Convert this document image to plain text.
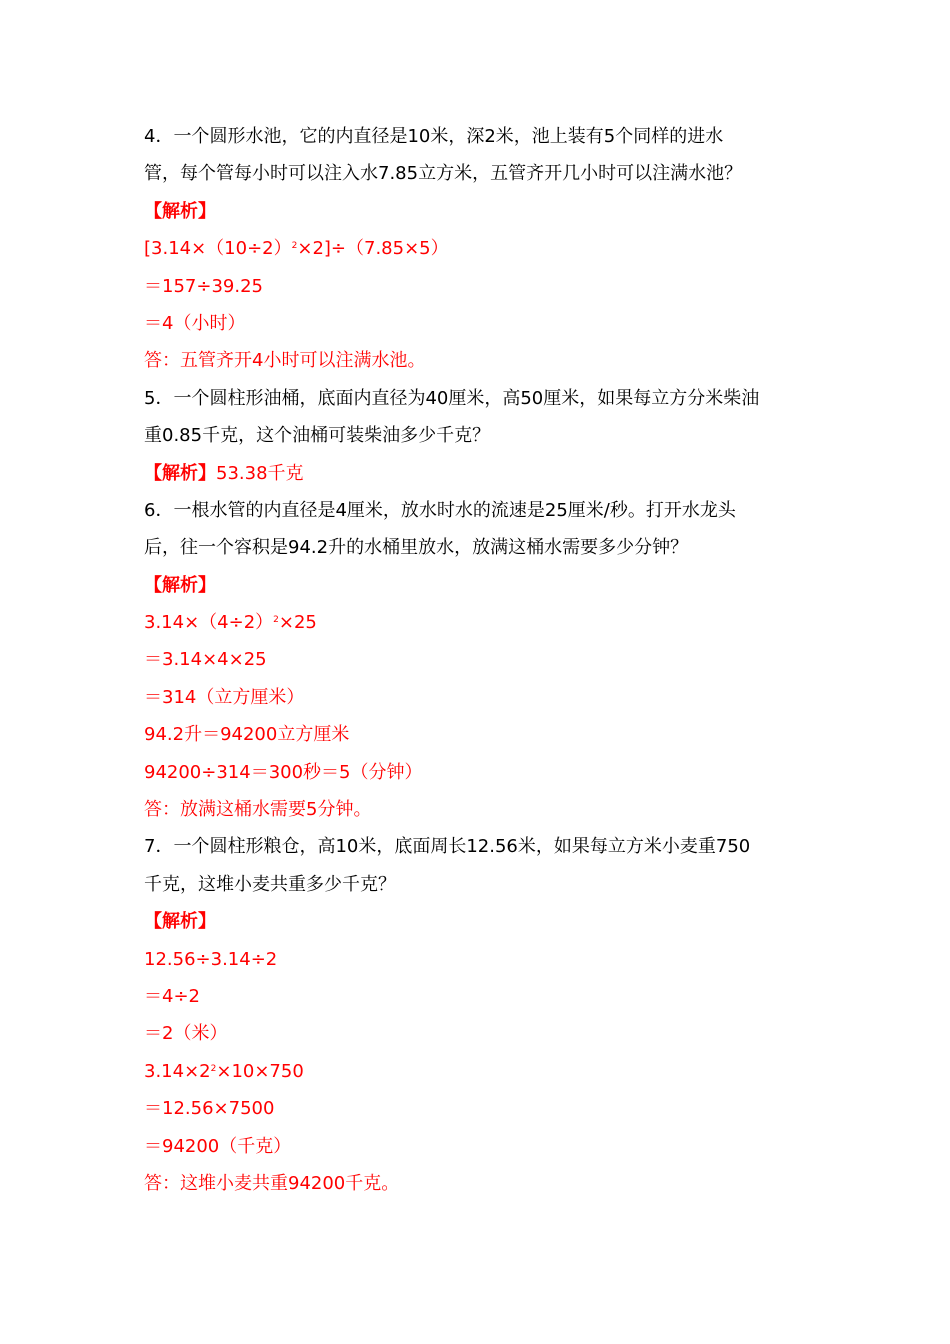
4．一个圆形水池，它的内直径是10米，深2米，池上装有5个同样的进水
管，每个管每小时可以注入水7.85立方米，五管齐开几小时可以注满水池？
【解析】
$[3.14\times(10\div 2)^2\times 2]\div(7.85\times 5)$
＝157÷39.25
＝4（小时）
答：五管齐开4小时可以注满水池。
5．一个圆柱形油桶，底面内直径为40厘米，高50厘米，如果每立方分米柴油
重0.85千克，这个油桶可装柴油多少千克？
【解析】53.38千克
6．一根水管的内直径是4厘米，放水时水的流速是25厘米/秒。打开水龙头
后，往一个容积是94.2升的水桶里放水，放满这桶水需要多少分钟？
【解析】
$3.14\times(4\div 2)^2\times 25$
＝3.14×4×25
＝314（立方厘米）
94.2升＝94200立方厘米
94200÷314＝300秒＝5（分钟）
答：放满这桶水需要5分钟。
7．一个圆柱形粮仓，高10米，底面周长12.56米，如果每立方米小麦重750
千克，这堆小麦共重多少千克？
【解析】
12.56÷3.14÷2
＝4÷2
＝2（米）
$3.14\times 2^2\times 10\times 750$
＝12.56×7500
＝94200（千克）
答：这堆小麦共重94200千克。
